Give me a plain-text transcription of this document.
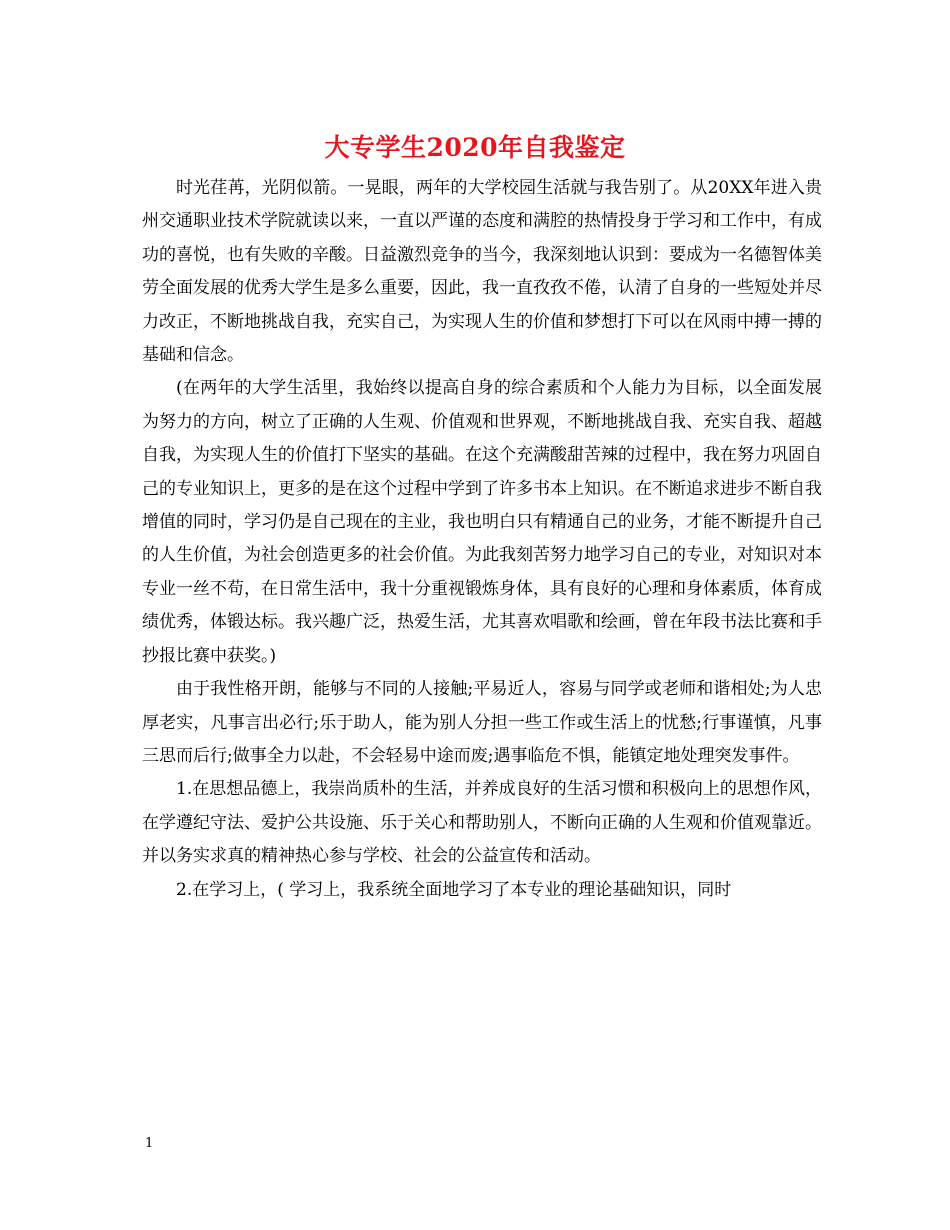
大专学生2020年自我鉴定

时光荏苒，光阴似箭。一晃眼，两年的大学校园生活就与我告别了。从20XX年进入贵州交通职业技术学院就读以来，一直以严谨的态度和满腔的热情投身于学习和工作中，有成功的喜悦，也有失败的辛酸。日益激烈竞争的当今，我深刻地认识到：要成为一名德智体美劳全面发展的优秀大学生是多么重要，因此，我一直孜孜不倦，认清了自身的一些短处并尽力改正，不断地挑战自我，充实自己，为实现人生的价值和梦想打下可以在风雨中搏一搏的基础和信念。

(在两年的大学生活里，我始终以提高自身的综合素质和个人能力为目标，以全面发展为努力的方向，树立了正确的人生观、价值观和世界观，不断地挑战自我、充实自我、超越自我，为实现人生的价值打下坚实的基础。在这个充满酸甜苦辣的过程中，我在努力巩固自己的专业知识上，更多的是在这个过程中学到了许多书本上知识。在不断追求进步不断自我增值的同时，学习仍是自己现在的主业，我也明白只有精通自己的业务，才能不断提升自己的人生价值，为社会创造更多的社会价值。为此我刻苦努力地学习自己的专业，对知识对本专业一丝不苟，在日常生活中，我十分重视锻炼身体，具有良好的心理和身体素质，体育成绩优秀，体锻达标。我兴趣广泛，热爱生活，尤其喜欢唱歌和绘画，曾在年段书法比赛和手抄报比赛中获奖。)

由于我性格开朗，能够与不同的人接触;平易近人，容易与同学或老师和谐相处;为人忠厚老实，凡事言出必行;乐于助人，能为别人分担一些工作或生活上的忧愁;行事谨慎，凡事三思而后行;做事全力以赴，不会轻易中途而废;遇事临危不惧，能镇定地处理突发事件。

1.在思想品德上，我崇尚质朴的生活，并养成良好的生活习惯和积极向上的思想作风，在学遵纪守法、爱护公共设施、乐于关心和帮助别人，不断向正确的人生观和价值观靠近。并以务实求真的精神热心参与学校、社会的公益宣传和活动。

2.在学习上，( 学习上，我系统全面地学习了本专业的理论基础知识，同时

1
